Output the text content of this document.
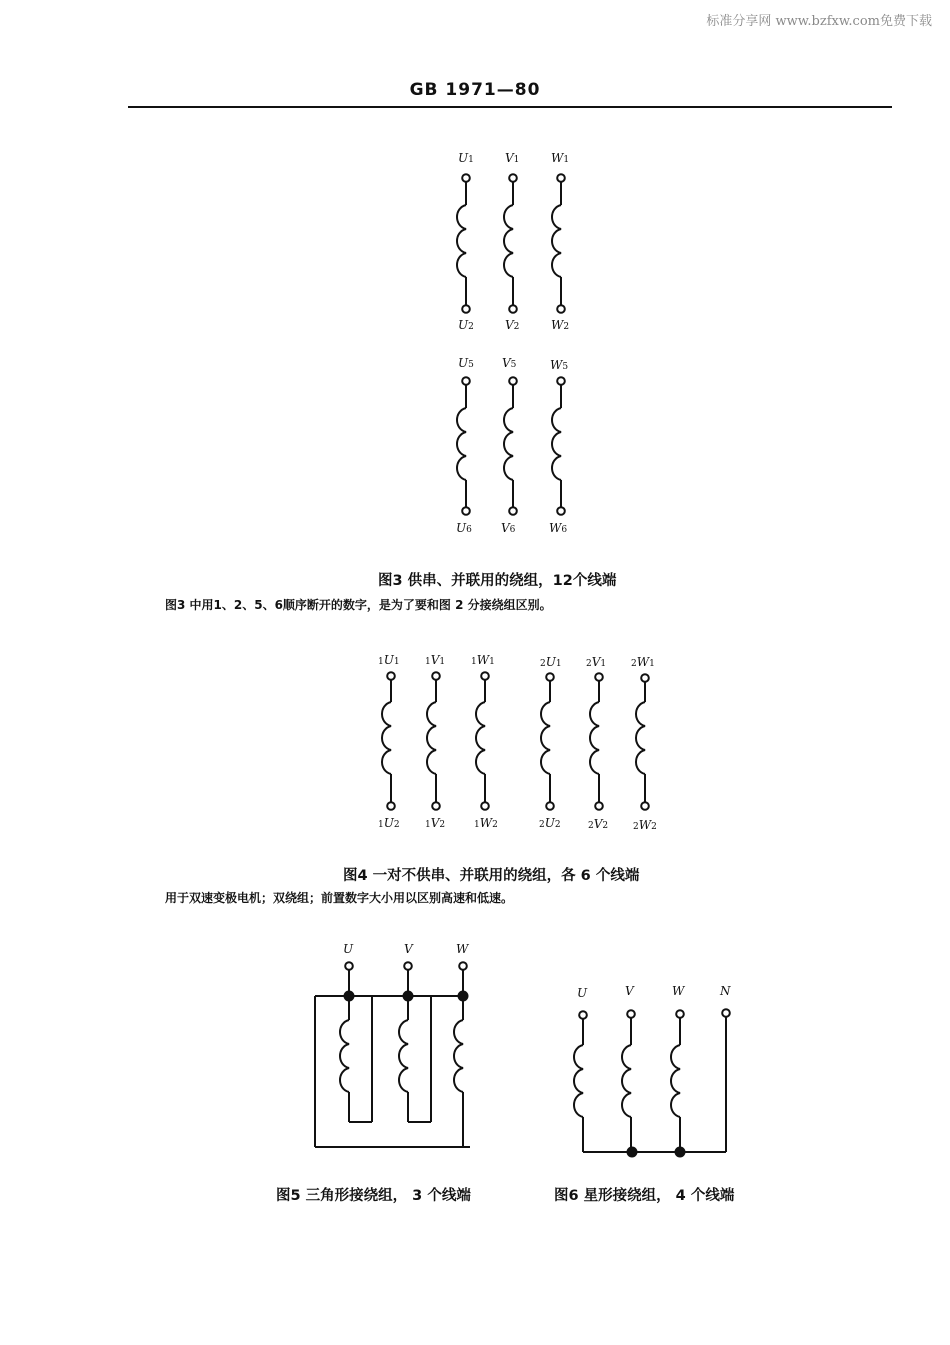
标准分享网 www.bzfxw.com免费下载
GB 1971—80
U1	V1	W1
U2	V2	W2
U5 V5	W5
U6 V6	W6
图3 供串、并联用的绕组，12个线端
图3 中用1、2、5、6顺序断开的数字，是为了要和图 2 分接绕组区别。
1U1	1V1	1W1	2U1	2V1	2W1
1U2	1V2	1W2	2U2	2V2	2W2
图4 一对不供串、并联用的绕组，各 6 个线端
用于双速变极电机；双绕组；前置数字大小用以区别高速和低速。
U	V	W
图5 三角形接绕组， 3 个线端
U	V	W	N
图6 星形接绕组， 4 个线端
